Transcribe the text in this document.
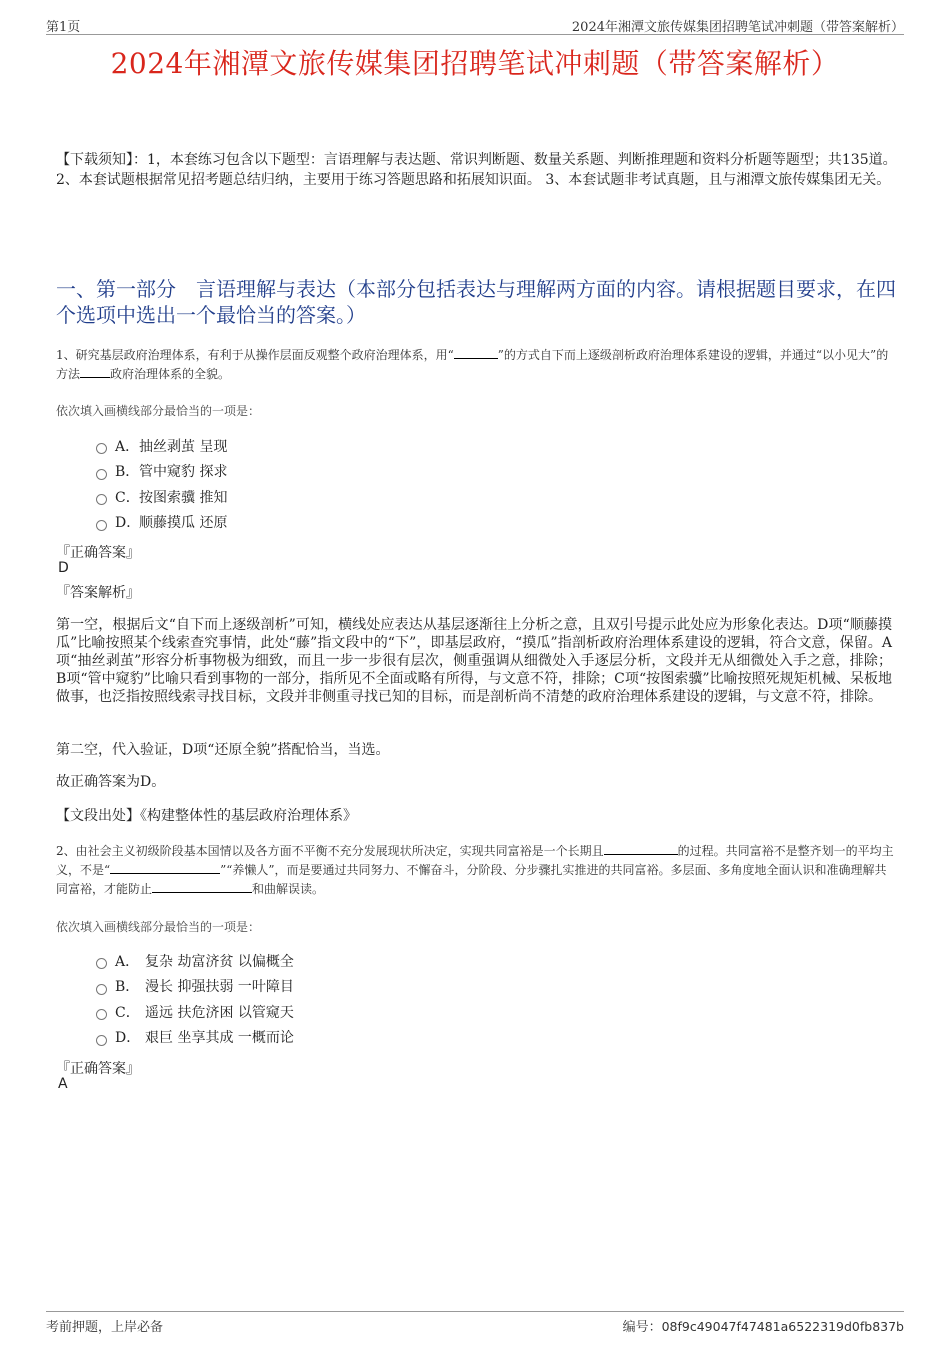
第1页	2024年湘潭文旅传媒集团招聘笔试冲刺题（带答案解析）
2024年湘潭文旅传媒集团招聘笔试冲刺题（带答案解析）
【下载须知】：1，本套练习包含以下题型：言语理解与表达题、常识判断题、数量关系题、判断推理题和资料分析题等题型；共135道。 2、本套试题根据常见招考题总结归纳，主要用于练习答题思路和拓展知识面。 3、本套试题非考试真题，且与湘潭文旅传媒集团无关。
一、第一部分　言语理解与表达（本部分包括表达与理解两方面的内容。请根据题目要求，在四个选项中选出一个最恰当的答案。）
1、研究基层政府治理体系，有利于从操作层面反观整个政府治理体系，用“	”的方式自下而上逐级剖析政府治理体系建设的逻辑，并通过“以小见大”的方法	政府治理体系的全貌。
依次填入画横线部分最恰当的一项是：
A． 抽丝剥茧 呈现
B． 管中窥豹 探求
C． 按图索骥 推知
D．
顺藤摸瓜 还原
『正确答案』
D
『答案解析』
第一空，根据后文“自下而上逐级剖析”可知，横线处应表达从基层逐渐往上分析之意，且双引号提示此处应为形象化表达。D项“顺藤摸瓜”比喻按照某个线索查究事情，此处“藤”指文段中的“下”，即基层政府，“摸瓜”指剖析政府治理体系建设的逻辑，符合文意，保留。A项“抽丝剥茧”形容分析事物极为细致，而且一步一步很有层次，侧重强调从细微处入手逐层分析，文段并无从细微处入手之意，排除；B项“管中窥豹”比喻只看到事物的一部分，指所见不全面或略有所得，与文意不符，排除；C项“按图索骥”比喻按照死规矩机械、呆板地做事，也泛指按照线索寻找目标，文段并非侧重寻找已知的目标，而是剖析尚不清楚的政府治理体系建设的逻辑，与文意不符，排除。
第二空，代入验证，D项“还原全貌”搭配恰当，当选。
故正确答案为D。
【文段出处】《构建整体性的基层政府治理体系》
2、由社会主义初级阶段基本国情以及各方面不平衡不充分发展现状所决定，实现共同富裕是一个长期且	的过程。共同富裕不是整齐划一的平均主义，不是“	”“养懒人”，而是要通过共同努力、不懈奋斗，分阶段、分步骤扎实推进的共同富裕。多层面、多角度地全面认识和准确理解共同富裕，才能防止	和曲解误读。
依次填入画横线部分最恰当的一项是：
A． 复杂 劫富济贫 以偏概全
B． 漫长 抑强扶弱 一叶障目
C． 遥远 扶危济困 以管窥天
D． 艰巨 坐享其成 一概而论
『正确答案』
A
考前押题，上岸必备	编号：08f9c49047f47481a6522319d0fb837b
